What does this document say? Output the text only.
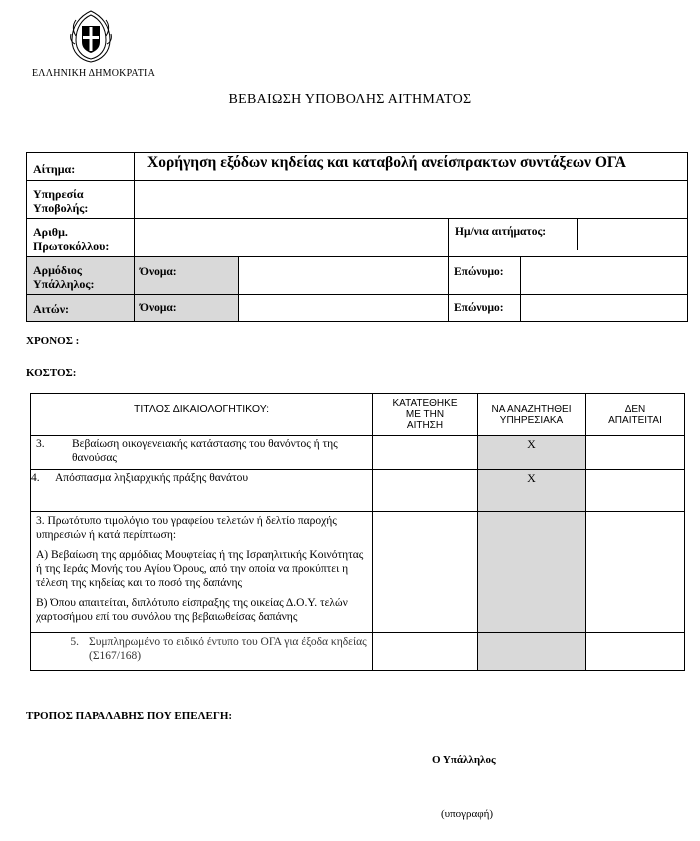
ΕΛΛΗΝΙΚΗ ΔΗΜΟΚΡΑΤΙΑ
ΒΕΒΑΙΩΣΗ ΥΠΟΒΟΛΗΣ ΑΙΤΗΜΑΤΟΣ
Αίτημα:	Χορήγηση εξόδων κηδείας και καταβολή ανείσπρακτων συντάξεων ΟΓΑ			

Υπηρεσία
Υποβολής:				

Αριθμ.
Πρωτοκόλλου:			Ημ/νια αιτήματος:	

Αρμόδιος
Υπάλληλος:	Όνομα:		Επώνυμο:	
Αιτών:	Όνομα:		Επώνυμο:	
ΧΡΟΝΟΣ :
ΚΟΣΤΟΣ:
ΤΙΤΛΟΣ ΔΙΚΑΙΟΛΟΓΗΤΙΚΟΥ:	ΚΑΤΑΤΕΘΗΚΕ ΜΕ ΤΗΝ ΑΙΤΗΣΗ	ΝΑ ΑΝΑΖΗΤΗΘΕΙ ΥΠΗΡΕΣΙΑΚΑ	ΔΕΝ ΑΠΑΙΤΕΙΤΑΙ

3. Βεβαίωση οικογενειακής κατάστασης του θανόντος ή της θανούσας		X	

4. Απόσπασμα ληξιαρχικής πράξης θανάτου		X	

3. Πρωτότυπο τιμολόγιο του γραφείου τελετών ή δελτίο παροχής υπηρεσιών ή κατά περίπτωση:
Α) Βεβαίωση της αρμόδιας Μουφτείας ή της Ισραηλιτικής Κοινότητας ή της Ιεράς Μονής του Αγίου Όρους, από την οποία να προκύπτει η τέλεση της κηδείας και το ποσό της δαπάνης
Β) Όπου απαιτείται, διπλότυπο είσπραξης της οικείας Δ.Ο.Υ. τελών χαρτοσήμου επί του συνόλου της βεβαιωθείσας δαπάνης			

5. Συμπληρωμένο το ειδικό έντυπο του ΟΓΑ για έξοδα κηδείας (Σ167/168)			

ΤΡΟΠΟΣ ΠΑΡΑΛΑΒΗΣ ΠΟΥ ΕΠΕΛΕΓΗ:
Ο Υπάλληλος
(υπογραφή)
